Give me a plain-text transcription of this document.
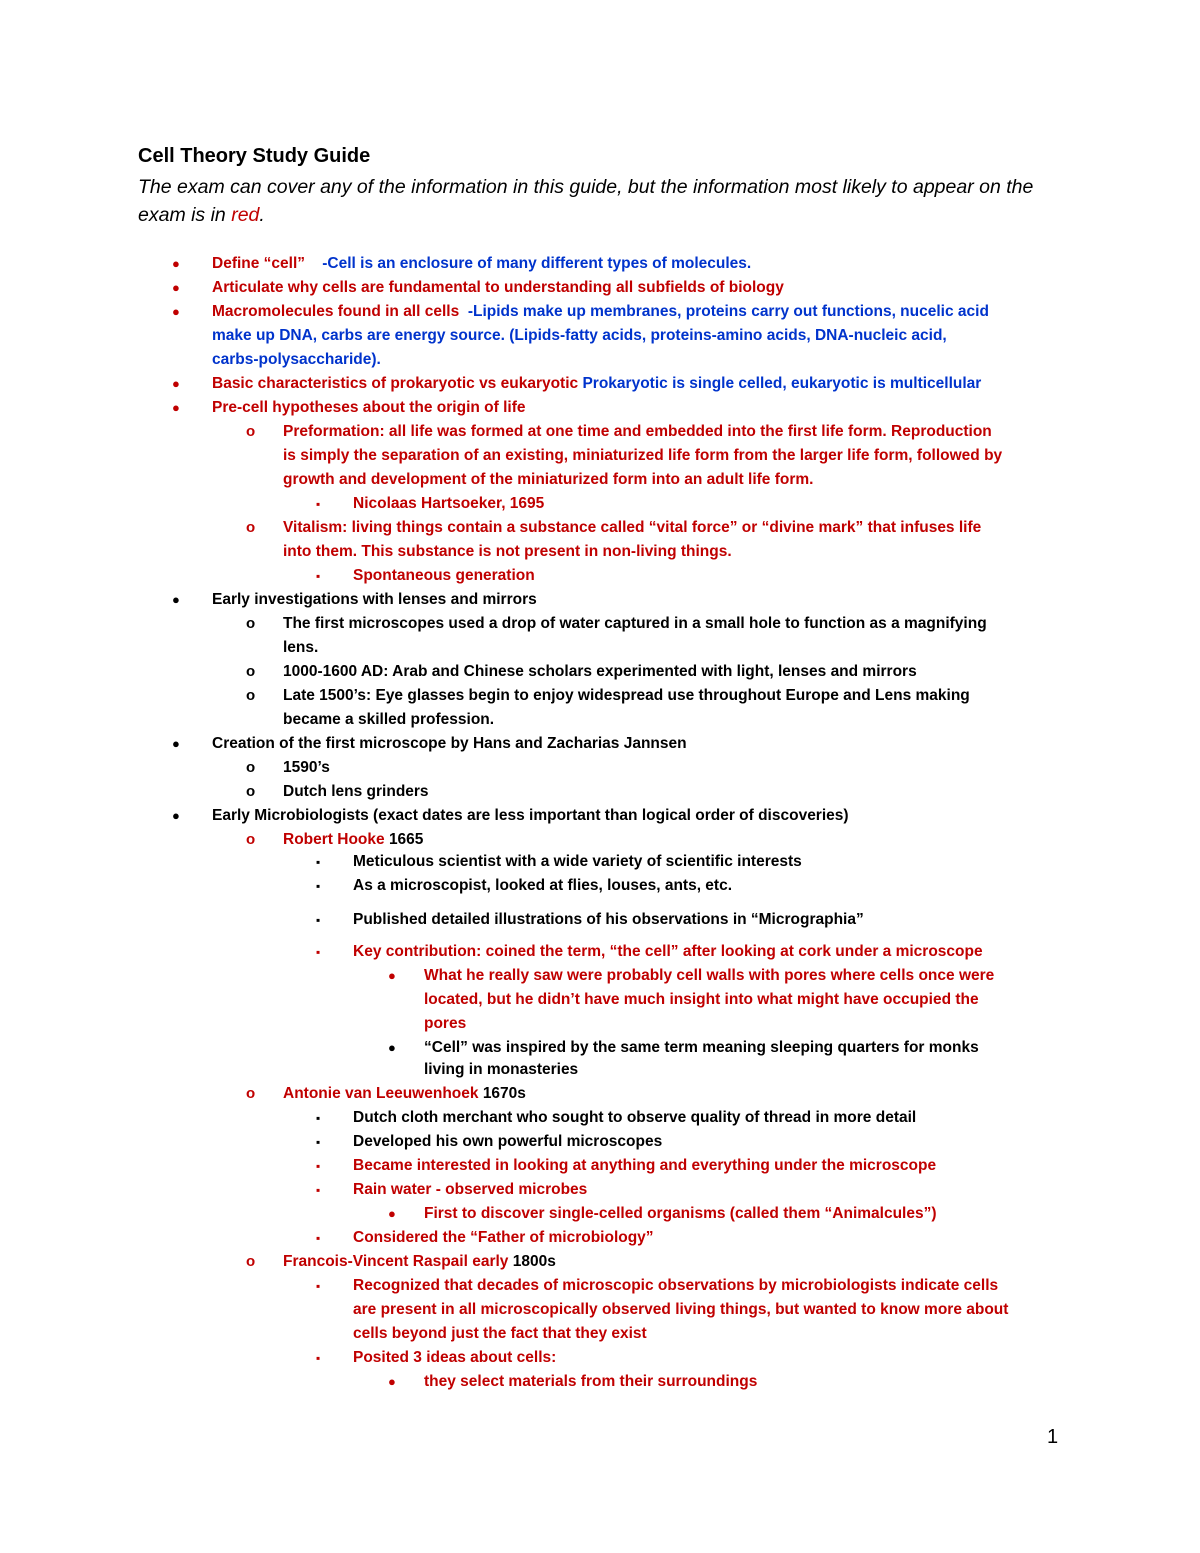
Cell Theory Study Guide
The exam can cover any of the information in this guide, but the information most likely to appear on the exam is in red.
● Define “cell”    -Cell is an enclosure of many different types of molecules.
● Articulate why cells are fundamental to understanding all subfields of biology
● Macromolecules found in all cells  -Lipids make up membranes, proteins carry out functions, nucelic acid
make up DNA, carbs are energy source. (Lipids-fatty acids, proteins-amino acids, DNA-nucleic acid,
carbs-polysaccharide).
● Basic characteristics of prokaryotic vs eukaryotic Prokaryotic is single celled, eukaryotic is multicellular
● Pre-cell hypotheses about the origin of life
o Preformation: all life was formed at one time and embedded into the first life form. Reproduction
is simply the separation of an existing, miniaturized life form from the larger life form, followed by
growth and development of the miniaturized form into an adult life form.
▪ Nicolaas Hartsoeker, 1695
o Vitalism: living things contain a substance called “vital force” or “divine mark” that infuses life
into them. This substance is not present in non-living things.
▪ Spontaneous generation
● Early investigations with lenses and mirrors
o The first microscopes used a drop of water captured in a small hole to function as a magnifying
lens.
o 1000-1600 AD: Arab and Chinese scholars experimented with light, lenses and mirrors
o Late 1500’s: Eye glasses begin to enjoy widespread use throughout Europe and Lens making
became a skilled profession.
● Creation of the first microscope by Hans and Zacharias Jannsen
o 1590’s
o Dutch lens grinders
● Early Microbiologists (exact dates are less important than logical order of discoveries)
o Robert Hooke 1665
▪ Meticulous scientist with a wide variety of scientific interests
▪ As a microscopist, looked at flies, louses, ants, etc.
▪ Published detailed illustrations of his observations in “Micrographia”
▪ Key contribution: coined the term, “the cell” after looking at cork under a microscope
● What he really saw were probably cell walls with pores where cells once were
located, but he didn’t have much insight into what might have occupied the
pores
● “Cell” was inspired by the same term meaning sleeping quarters for monks
living in monasteries
o Antonie van Leeuwenhoek 1670s
▪ Dutch cloth merchant who sought to observe quality of thread in more detail
▪ Developed his own powerful microscopes
▪ Became interested in looking at anything and everything under the microscope
▪ Rain water - observed microbes
● First to discover single-celled organisms (called them “Animalcules”)
▪ Considered the “Father of microbiology”
o Francois-Vincent Raspail early 1800s
▪ Recognized that decades of microscopic observations by microbiologists indicate cells
are present in all microscopically observed living things, but wanted to know more about
cells beyond just the fact that they exist
▪ Posited 3 ideas about cells:
● they select materials from their surroundings
1
